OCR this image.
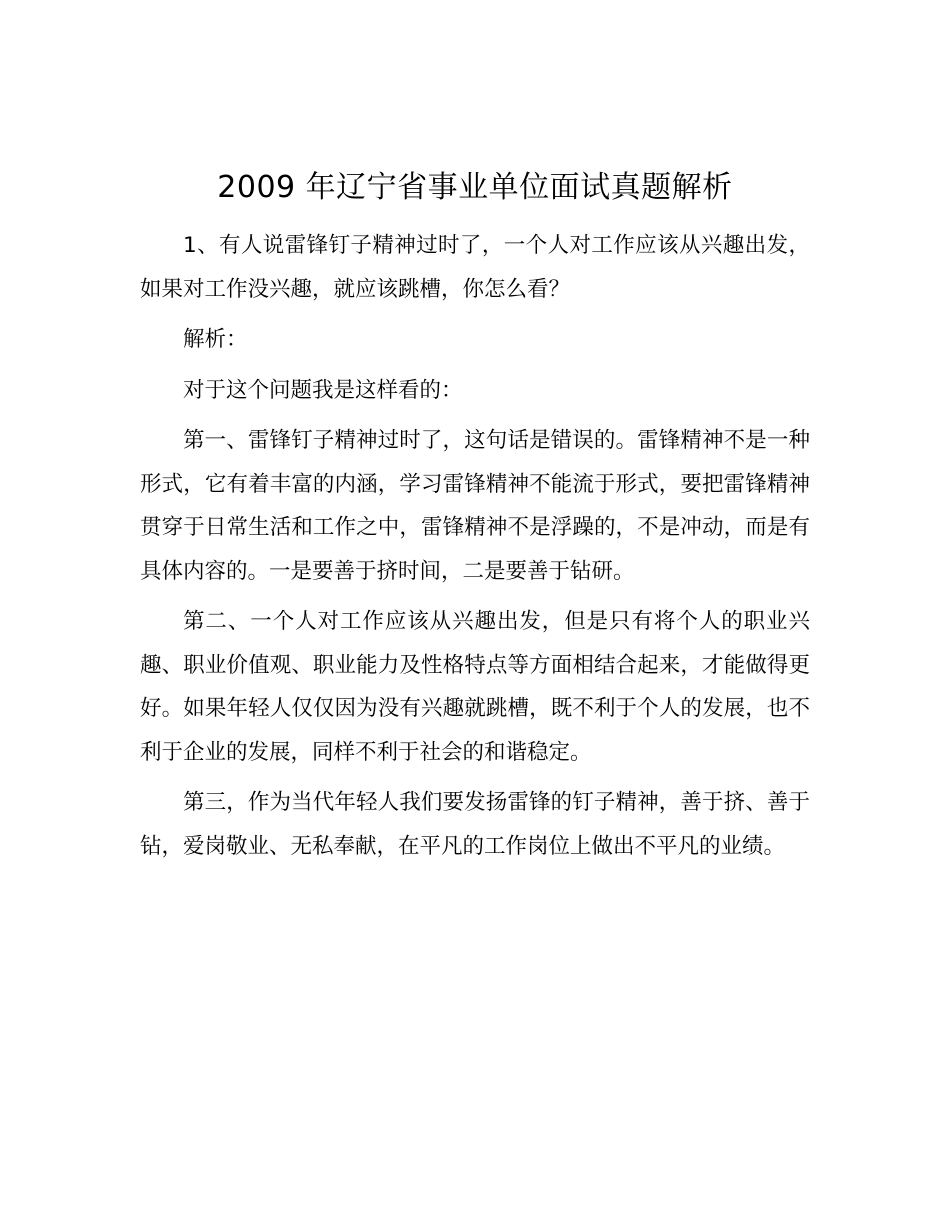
2009 年辽宁省事业单位面试真题解析

1、有人说雷锋钉子精神过时了，一个人对工作应该从兴趣出发，如果对工作没兴趣，就应该跳槽，你怎么看？

解析：

对于这个问题我是这样看的：

第一、雷锋钉子精神过时了，这句话是错误的。雷锋精神不是一种形式，它有着丰富的内涵，学习雷锋精神不能流于形式，要把雷锋精神贯穿于日常生活和工作之中，雷锋精神不是浮躁的，不是冲动，而是有具体内容的。一是要善于挤时间，二是要善于钻研。

第二、一个人对工作应该从兴趣出发，但是只有将个人的职业兴趣、职业价值观、职业能力及性格特点等方面相结合起来，才能做得更好。如果年轻人仅仅因为没有兴趣就跳槽，既不利于个人的发展，也不利于企业的发展，同样不利于社会的和谐稳定。

第三，作为当代年轻人我们要发扬雷锋的钉子精神，善于挤、善于钻，爱岗敬业、无私奉献，在平凡的工作岗位上做出不平凡的业绩。
